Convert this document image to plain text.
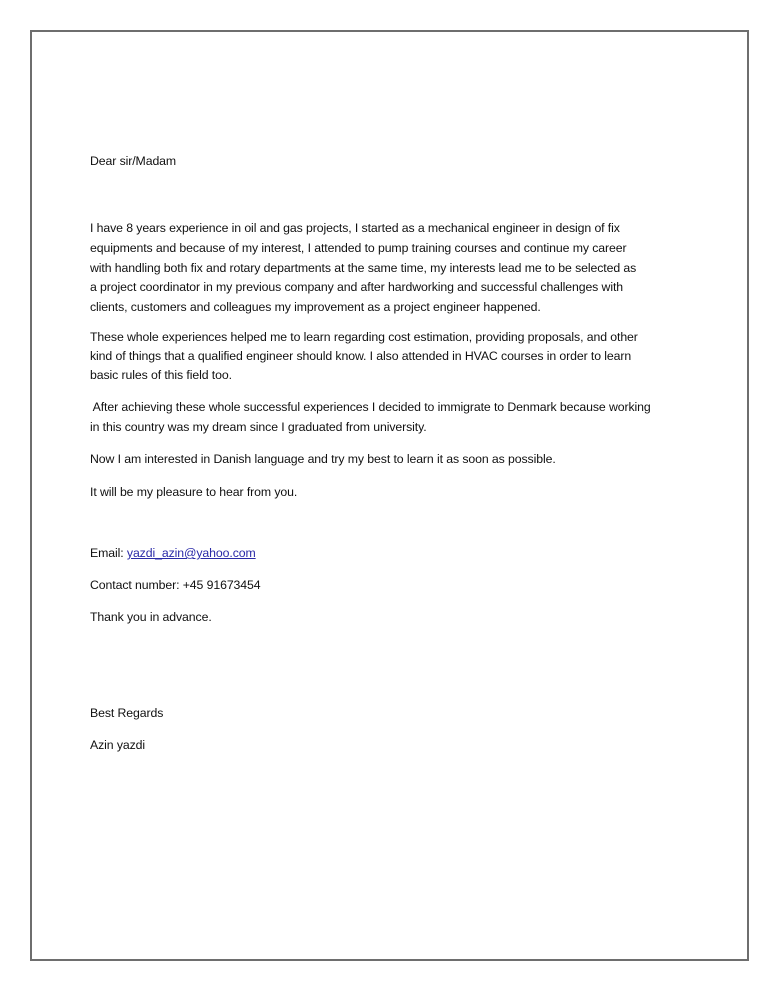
Dear sir/Madam
I have 8 years experience in oil and gas projects, I started as a mechanical engineer in design of fix
equipments and because of my interest, I attended to pump training courses and continue my career
with handling both fix and rotary departments at the same time, my interests lead me to be selected as
a project coordinator in my previous company and after hardworking and successful challenges with
clients, customers and colleagues my improvement as a project engineer happened.
These whole experiences helped me to learn regarding cost estimation, providing proposals, and other
kind of things that a qualified engineer should know. I also attended in HVAC courses in order to learn
basic rules of this field too.
After achieving these whole successful experiences I decided to immigrate to Denmark because working
in this country was my dream since I graduated from university.
Now I am interested in Danish language and try my best to learn it as soon as possible.
It will be my pleasure to hear from you.
Email: yazdi_azin@yahoo.com
Contact number: +45 91673454
Thank you in advance.
Best Regards
Azin yazdi
